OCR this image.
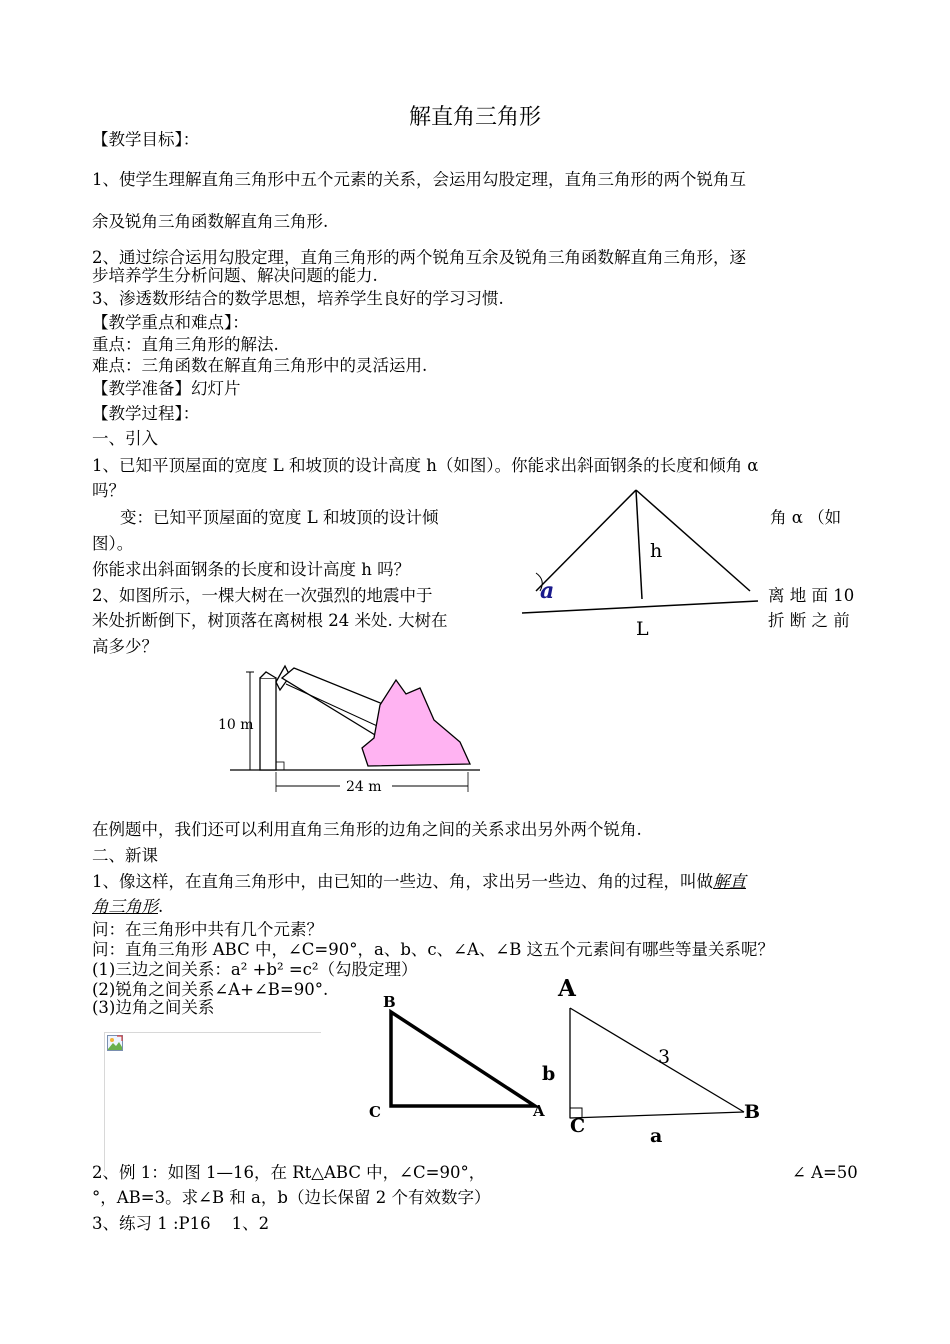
解直角三角形
【教学目标】：
1、使学生理解直角三角形中五个元素的关系，会运用勾股定理，直角三角形的两个锐角互
余及锐角三角函数解直角三角形.
2、通过综合运用勾股定理，直角三角形的两个锐角互余及锐角三角函数解直角三角形，逐
步培养学生分析问题、解决问题的能力.
3、渗透数形结合的数学思想，培养学生良好的学习习惯.
【教学重点和难点】：
重点：直角三角形的解法.
难点：三角函数在解直角三角形中的灵活运用.
【教学准备】幻灯片
【教学过程】：
一、引入
1、已知平顶屋面的宽度 L 和坡顶的设计高度 h（如图）。你能求出斜面钢条的长度和倾角 α
吗？
变：已知平顶屋面的宽度 L 和坡顶的设计倾	角 α （如
图）。
你能求出斜面钢条的长度和设计高度 h 吗？
2、如图所示，一棵大树在一次强烈的地震中于	离 地 面 10
米处折断倒下，树顶落在离树根 24 米处. 大树在	折 断 之 前
高多少？
h
L
a
10 m
24 m
在例题中，我们还可以利用直角三角形的边角之间的关系求出另外两个锐角.
二、新课
1、像这样，在直角三角形中，由已知的一些边、角，求出另一些边、角的过程，叫做解直
角三角形.
问：在三角形中共有几个元素？
问：直角三角形 ABC 中，∠C=90°，a、b、c、∠A、∠B 这五个元素间有哪些等量关系呢？
(1)三边之间关系：a² +b² =c²（勾股定理）
(2)锐角之间关系∠A+∠B=90°.
(3)边角之间关系	B
C	A
A
B
C
b
a
3
2、例 1：如图 1—16，在 Rt△ABC 中，∠C=90°，	∠ A=50
°，AB=3。求∠B 和 a，b（边长保留 2 个有效数字）
3、练习 1 :P16    1、2
